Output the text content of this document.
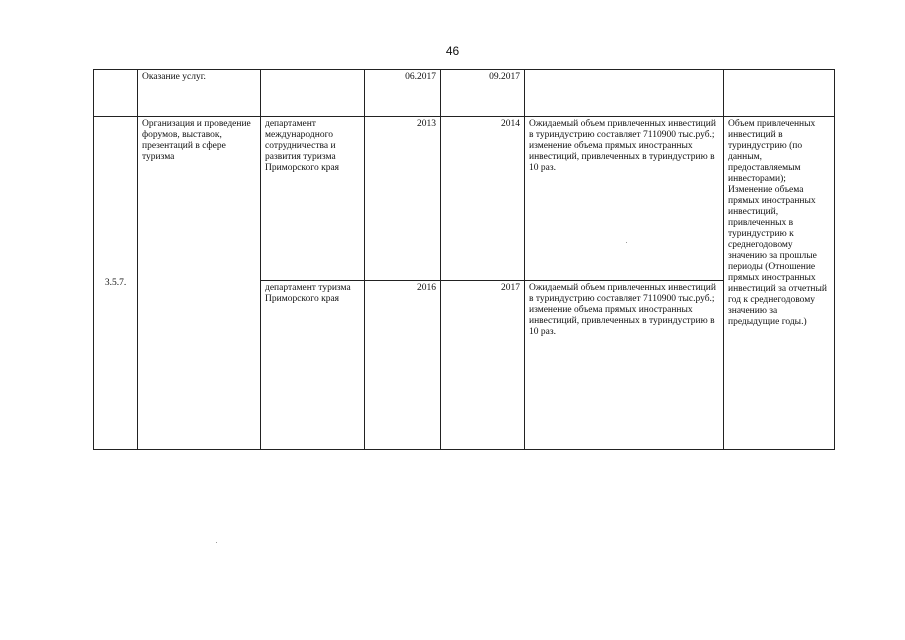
46
	Оказание услуг.		06.2017	09.2017		
3.5.7.	Организация и проведение форумов, выставок, презентаций в сфере туризма	департамент международного сотрудничества и развития туризма Приморского края	2013	2014	Ожидаемый объем привлеченных инвестиций в туриндустрию составляет 7110900 тыс.руб.; изменение объема прямых иностранных инвестиций, привлеченных в туриндустрию в 10 раз.	Объем привлеченных инвестиций в туриндустрию (по данным, предоставляемым инвесторами); Изменение объема прямых иностранных инвестиций, привлеченных в туриндустрию к среднегодовому значению за прошлые периоды (Отношение прямых иностранных инвестиций за отчетный год к среднегодовому значению за предыдущие годы.)
		департамент туризма Приморского края	2016	2017	Ожидаемый объем привлеченных инвестиций в туриндустрию составляет 7110900 тыс.руб.; изменение объема прямых иностранных инвестиций, привлеченных в туриндустрию в 10 раз.	
